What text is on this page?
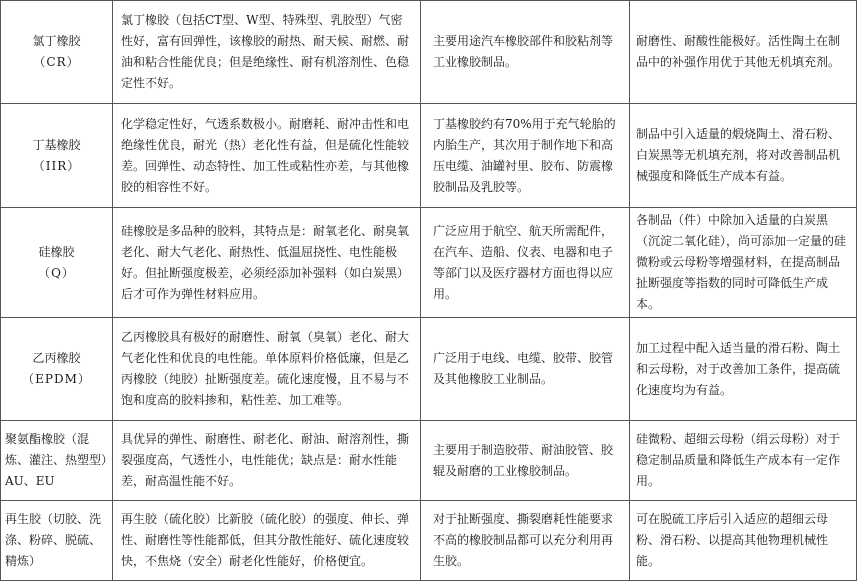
氯丁橡胶
（CR）	氯丁橡胶（包括CT型、W型、特殊型、乳胶型）气密性好，富有回弹性，该橡胶的耐热、耐天候、耐燃、耐油和粘合性能优良；但是绝缘性、耐有机溶剂性、色稳定性不好。	主要用途汽车橡胶部件和胶粘剂等工业橡胶制品。	耐磨性、耐酸性能极好。活性陶土在制品中的补强作用优于其他无机填充剂。

丁基橡胶
（IIR）	化学稳定性好，气透系数极小。耐磨耗、耐冲击性和电绝缘性优良，耐光（热）老化性有益，但是硫化性能较差。回弹性、动态特性、加工性或粘性亦差，与其他橡胶的相容性不好。	丁基橡胶约有70%用于充气轮胎的内胎生产，其次用于制作地下和高压电缆、油罐衬里、胶布、防震橡胶制品及乳胶等。	制品中引入适量的煅烧陶土、滑石粉、白炭黑等无机填充剂，将对改善制品机械强度和降低生产成本有益。

硅橡胶
（Q）	硅橡胶是多品种的胶料，其特点是：耐氧老化、耐臭氧老化、耐大气老化、耐热性、低温屈挠性、电性能极好。但扯断强度极差，必须经添加补强料（如白炭黑）后才可作为弹性材料应用。	广泛应用于航空、航天所需配件，在汽车、造船、仪表、电器和电子等部门以及医疗器材方面也得以应用。	各制品（件）中除加入适量的白炭黑（沉淀二氧化硅），尚可添加一定量的硅微粉或云母粉等增强材料，在提高制品扯断强度等指数的同时可降低生产成本。

乙丙橡胶
（EPDM）	乙丙橡胶具有极好的耐磨性、耐氧（臭氧）老化、耐大气老化性和优良的电性能。单体原料价格低廉，但是乙丙橡胶（纯胶）扯断强度差。硫化速度慢，且不易与不饱和度高的胶料掺和，粘性差、加工难等。	广泛用于电线、电缆、胶带、胶管及其他橡胶工业制品。	加工过程中配入适当量的滑石粉、陶土和云母粉，对于改善加工条件，提高硫化速度均为有益。
聚氨酯橡胶（混炼、灌注、热塑型）AU、EU	具优异的弹性、耐磨性、耐老化、耐油、耐溶剂性，撕裂强度高，气透性小，电性能优；缺点是：耐水性能差，耐高温性能不好。	主要用于制造胶带、耐油胶管、胶辊及耐磨的工业橡胶制品。	硅微粉、超细云母粉（绢云母粉）对于稳定制品质量和降低生产成本有一定作用。
再生胶（切胶、洗涤、粉碎、脱硫、精炼）	再生胶（硫化胶）比新胶（硫化胶）的强度、伸长、弹性、耐磨性等性能都低，但其分散性能好、硫化速度较快，不焦烧（安全）耐老化性能好，价格便宜。	对于扯断强度、撕裂磨耗性能要求不高的橡胶制品都可以充分利用再生胶。	可在脱硫工序后引入适应的超细云母粉、滑石粉、以提高其他物理机械性能。
